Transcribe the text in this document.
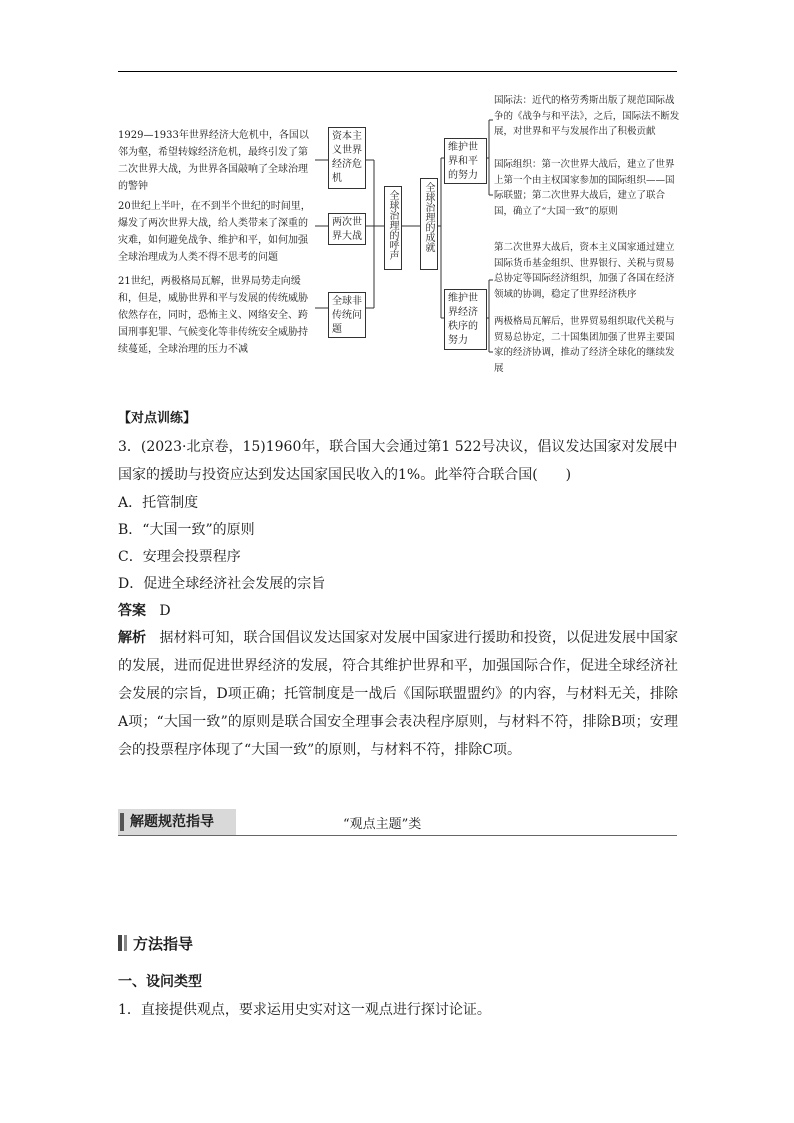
1929—1933年世界经济大危机中，各国以邻为壑，希望转嫁经济危机，最终引发了第二次世界大战，为世界各国敲响了全球治理的警钟
20世纪上半叶，在不到半个世纪的时间里，爆发了两次世界大战，给人类带来了深重的灾难，如何避免战争、维护和平，如何加强全球治理成为人类不得不思考的问题
21世纪，两极格局瓦解，世界局势走向缓和，但是，威胁世界和平与发展的传统威胁依然存在，同时，恐怖主义、网络安全、跨国刑事犯罪、气候变化等非传统安全威胁持续蔓延，全球治理的压力不减
资本主义世界经济危机
两次世界大战
全球非传统问题
全球治理的呼声	全球治理的成就
维护世界和平的努力
维护世界经济秩序的努力
国际法：近代的格劳秀斯出版了规范国际战争的《战争与和平法》，之后，国际法不断发展，对世界和平与发展作出了积极贡献
国际组织：第一次世界大战后，建立了世界上第一个由主权国家参加的国际组织——国际联盟；第二次世界大战后，建立了联合国，确立了“大国一致”的原则
第二次世界大战后，资本主义国家通过建立国际货币基金组织、世界银行、关税与贸易总协定等国际经济组织，加强了各国在经济领域的协调，稳定了世界经济秩序
两极格局瓦解后，世界贸易组织取代关税与贸易总协定，二十国集团加强了世界主要国家的经济协调，推动了经济全球化的继续发展
【对点训练】
3．(2023·北京卷，15)1960年，联合国大会通过第1 522号决议，倡议发达国家对发展中国家的援助与投资应达到发达国家国民收入的1%。此举符合联合国(　　)
A．托管制度
B．“大国一致”的原则
C．安理会投票程序
D．促进全球经济社会发展的宗旨
答案 D
解析 据材料可知，联合国倡议发达国家对发展中国家进行援助和投资，以促进发展中国家的发展，进而促进世界经济的发展，符合其维护世界和平，加强国际合作，促进全球经济社会发展的宗旨，D项正确；托管制度是一战后《国际联盟盟约》的内容，与材料无关，排除A项；“大国一致”的原则是联合国安全理事会表决程序原则，与材料不符，排除B项；安理会的投票程序体现了“大国一致”的原则，与材料不符，排除C项。
解题规范指导	“观点主题”类
方法指导
一、设问类型
1．直接提供观点，要求运用史实对这一观点进行探讨论证。
